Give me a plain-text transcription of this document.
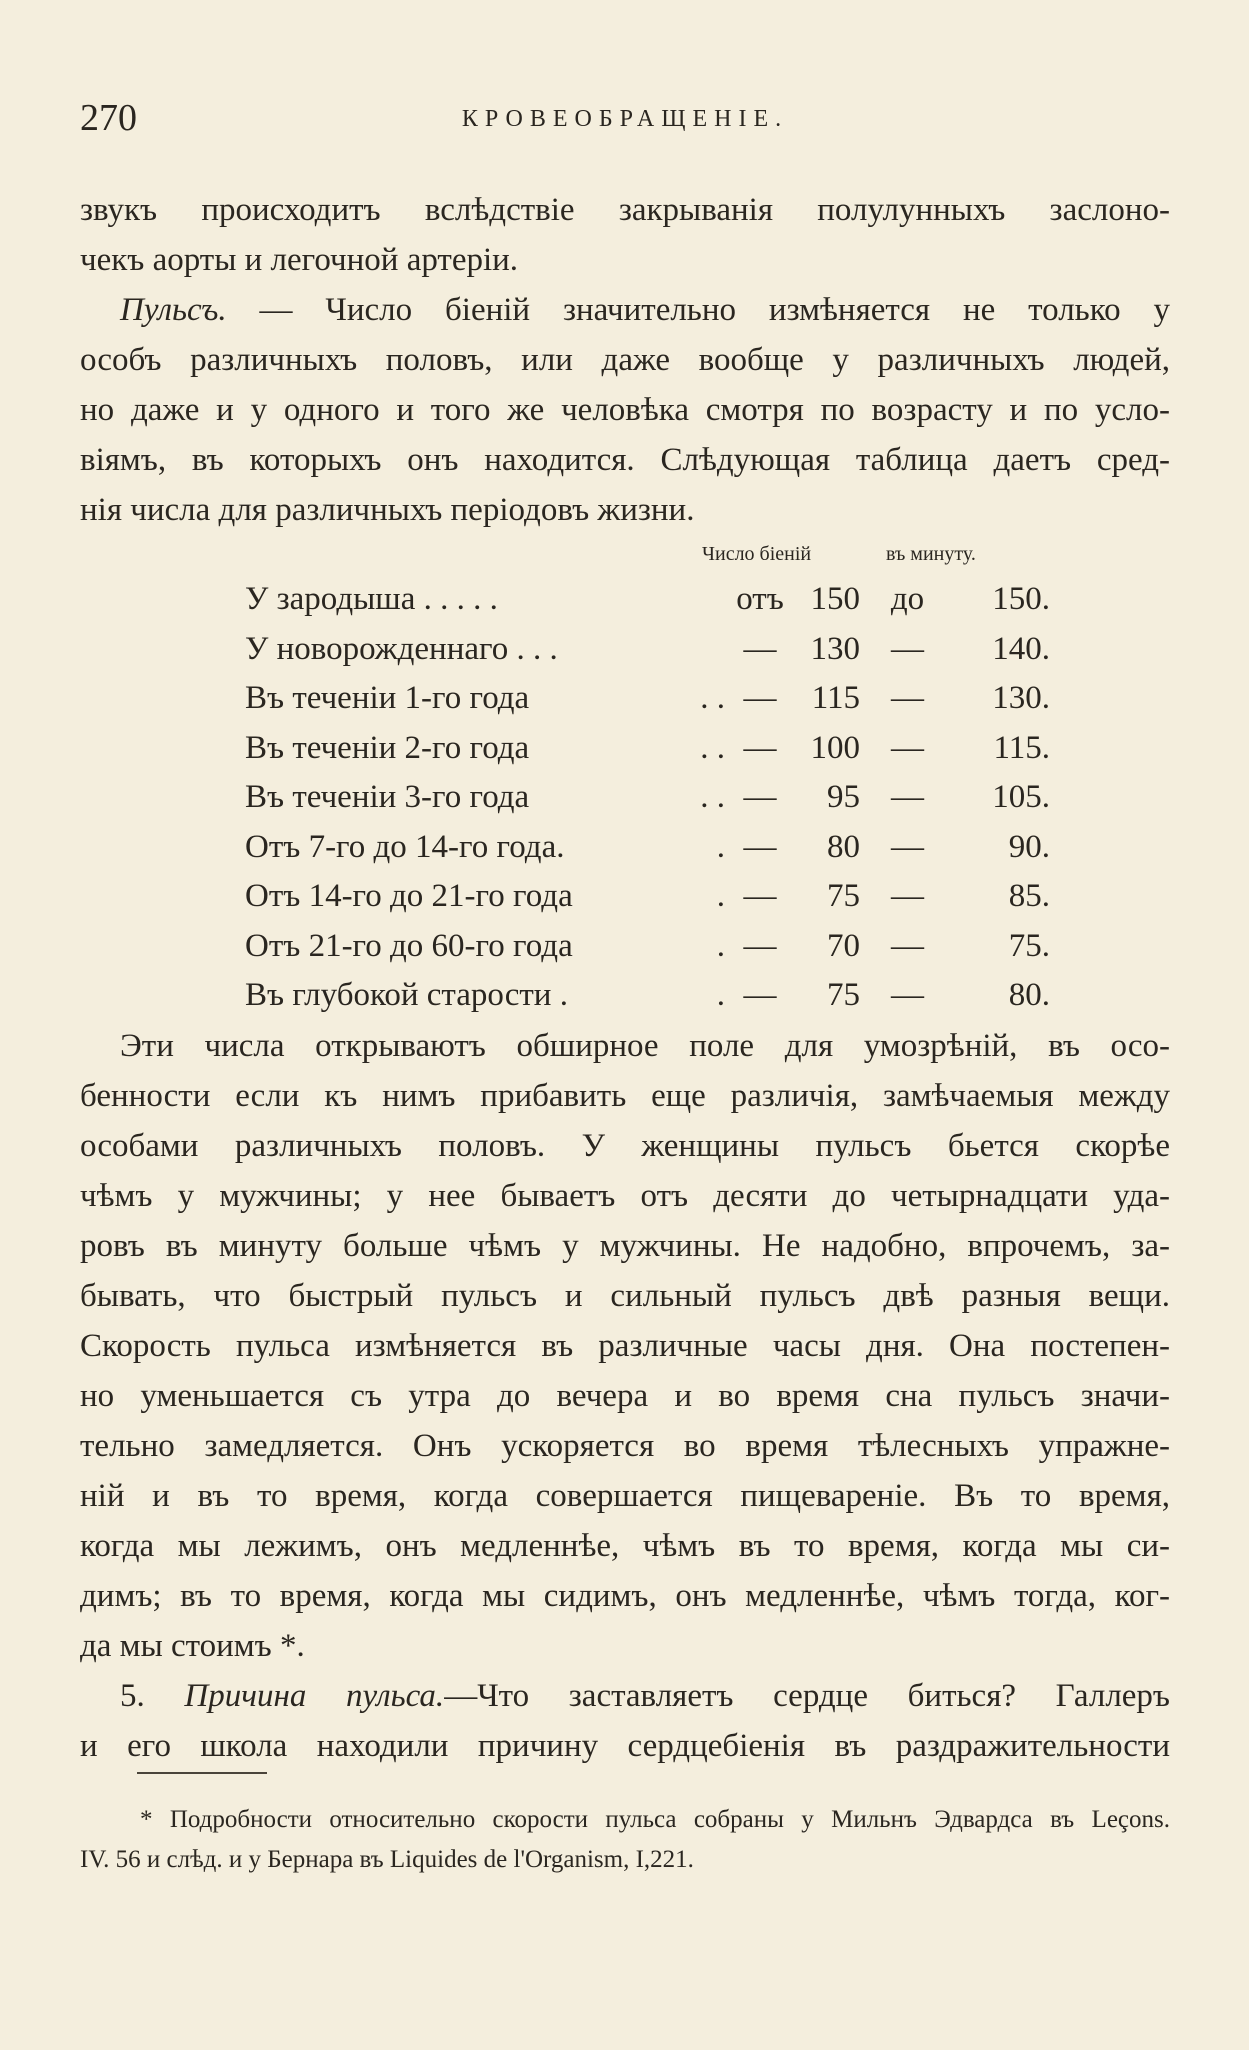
270	КРОВЕОБРАЩЕНІЕ.
звукъ происходитъ вслѣдствіе закрыванія полулунныхъ заслоно-
чекъ аорты и легочной артеріи.
Пульсъ. — Число біеній значительно измѣняется не только у
особъ различныхъ половъ, или даже вообще у различныхъ людей,
но даже и у одного и того же человѣка смотря по возрасту и по усло-
віямъ, въ которыхъ онъ находится. Слѣдующая таблица даетъ сред-
нія числа для различныхъ періодовъ жизни.
Число біеній	въ минуту.
У зародыша . . . . .		отъ	150	до	150.
У новорожденнаго . . .		—	130	—	140.
Въ теченіи 1-го года	. .	—	115	—	130.
Въ теченіи 2-го года	. .	—	100	—	115.
Въ теченіи 3-го года	. .	—	95	—	105.
Отъ 7-го до 14-го года.	.	—	80	—	90.
Отъ 14-го до 21-го года	.	—	75	—	85.
Отъ 21-го до 60-го года	.	—	70	—	75.
Въ глубокой старости .	.	—	75	—	80.
Эти числа открываютъ обширное поле для умозрѣній, въ осо-
бенности если къ нимъ прибавить еще различія, замѣчаемыя между
особами различныхъ половъ. У женщины пульсъ бьется скорѣе
чѣмъ у мужчины; у нее бываетъ отъ десяти до четырнадцати уда-
ровъ въ минуту больше чѣмъ у мужчины. Не надобно, впрочемъ, за-
бывать, что быстрый пульсъ и сильный пульсъ двѣ разныя вещи.
Скорость пульса измѣняется въ различные часы дня. Она постепен-
но уменьшается съ утра до вечера и во время сна пульсъ значи-
тельно замедляется. Онъ ускоряется во время тѣлесныхъ упражне-
ній и въ то время, когда совершается пищевареніе. Въ то время,
когда мы лежимъ, онъ медленнѣе, чѣмъ въ то время, когда мы си-
димъ; въ то время, когда мы сидимъ, онъ медленнѣе, чѣмъ тогда, ког-
да мы стоимъ *.
5. Причина пульса.—Что заставляетъ сердце биться? Галлеръ
и его школа находили причину сердцебіенія въ раздражительности
* Подробности относительно скорости пульса собраны у Мильнъ Эдвардса въ Leçons.
IV. 56 и слѣд. и у Бернара въ Liquides de l'Organism, I,221.
